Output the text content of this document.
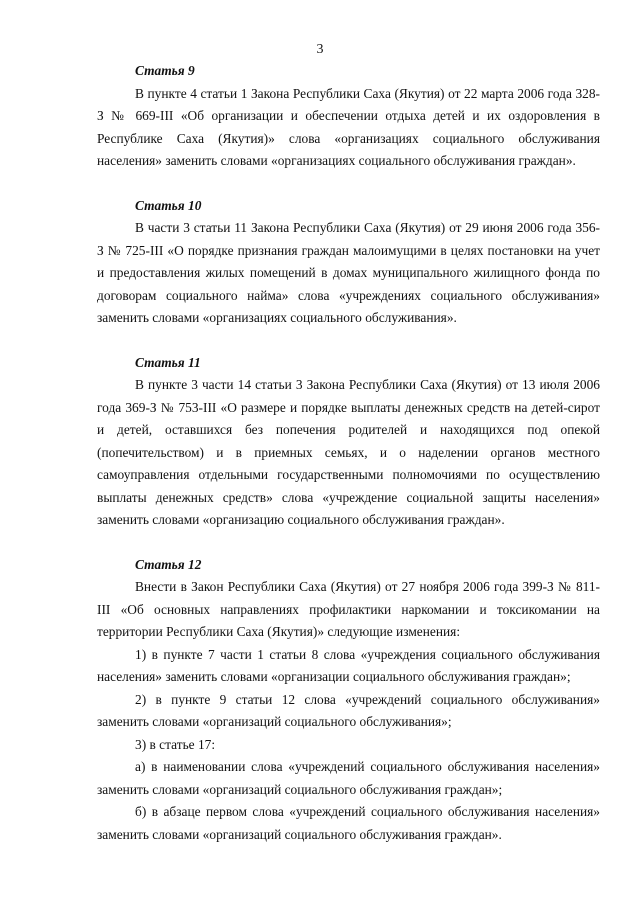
3

Статья 9

В пункте 4 статьи 1 Закона Республики Саха (Якутия) от 22 марта 2006 года 328-З № 669-III «Об организации и обеспечении отдыха детей и их оздоровления в Республике Саха (Якутия)» слова «организациях социального обслуживания населения» заменить словами «организациях социального обслуживания граждан».

Статья 10

В части 3 статьи 11 Закона Республики Саха (Якутия) от 29 июня 2006 года 356-З № 725-III «О порядке признания граждан малоимущими в целях постановки на учет и предоставления жилых помещений в домах муниципального жилищного фонда по договорам социального найма» слова «учреждениях социального обслуживания» заменить словами «организациях социального обслуживания».

Статья 11

В пункте 3 части 14 статьи 3 Закона Республики Саха (Якутия) от 13 июля 2006 года 369-З № 753-III «О размере и порядке выплаты денежных средств на детей-сирот и детей, оставшихся без попечения родителей и находящихся под опекой (попечительством) и в приемных семьях, и о наделении органов местного самоуправления отдельными государственными полномочиями по осуществлению выплаты денежных средств» слова «учреждение социальной защиты населения» заменить словами «организацию социального обслуживания граждан».

Статья 12

Внести в Закон Республики Саха (Якутия) от 27 ноября 2006 года 399-З № 811-III «Об основных направлениях профилактики наркомании и токсикомании на территории Республики Саха (Якутия)» следующие изменения:

1) в пункте 7 части 1 статьи 8 слова «учреждения социального обслуживания населения» заменить словами «организации социального обслуживания граждан»;

2) в пункте 9 статьи 12 слова «учреждений социального обслуживания» заменить словами «организаций социального обслуживания»;

3) в статье 17:

а) в наименовании слова «учреждений социального обслуживания населения» заменить словами «организаций социального обслуживания граждан»;

б) в абзаце первом слова «учреждений социального обслуживания населения» заменить словами «организаций социального обслуживания граждан».
